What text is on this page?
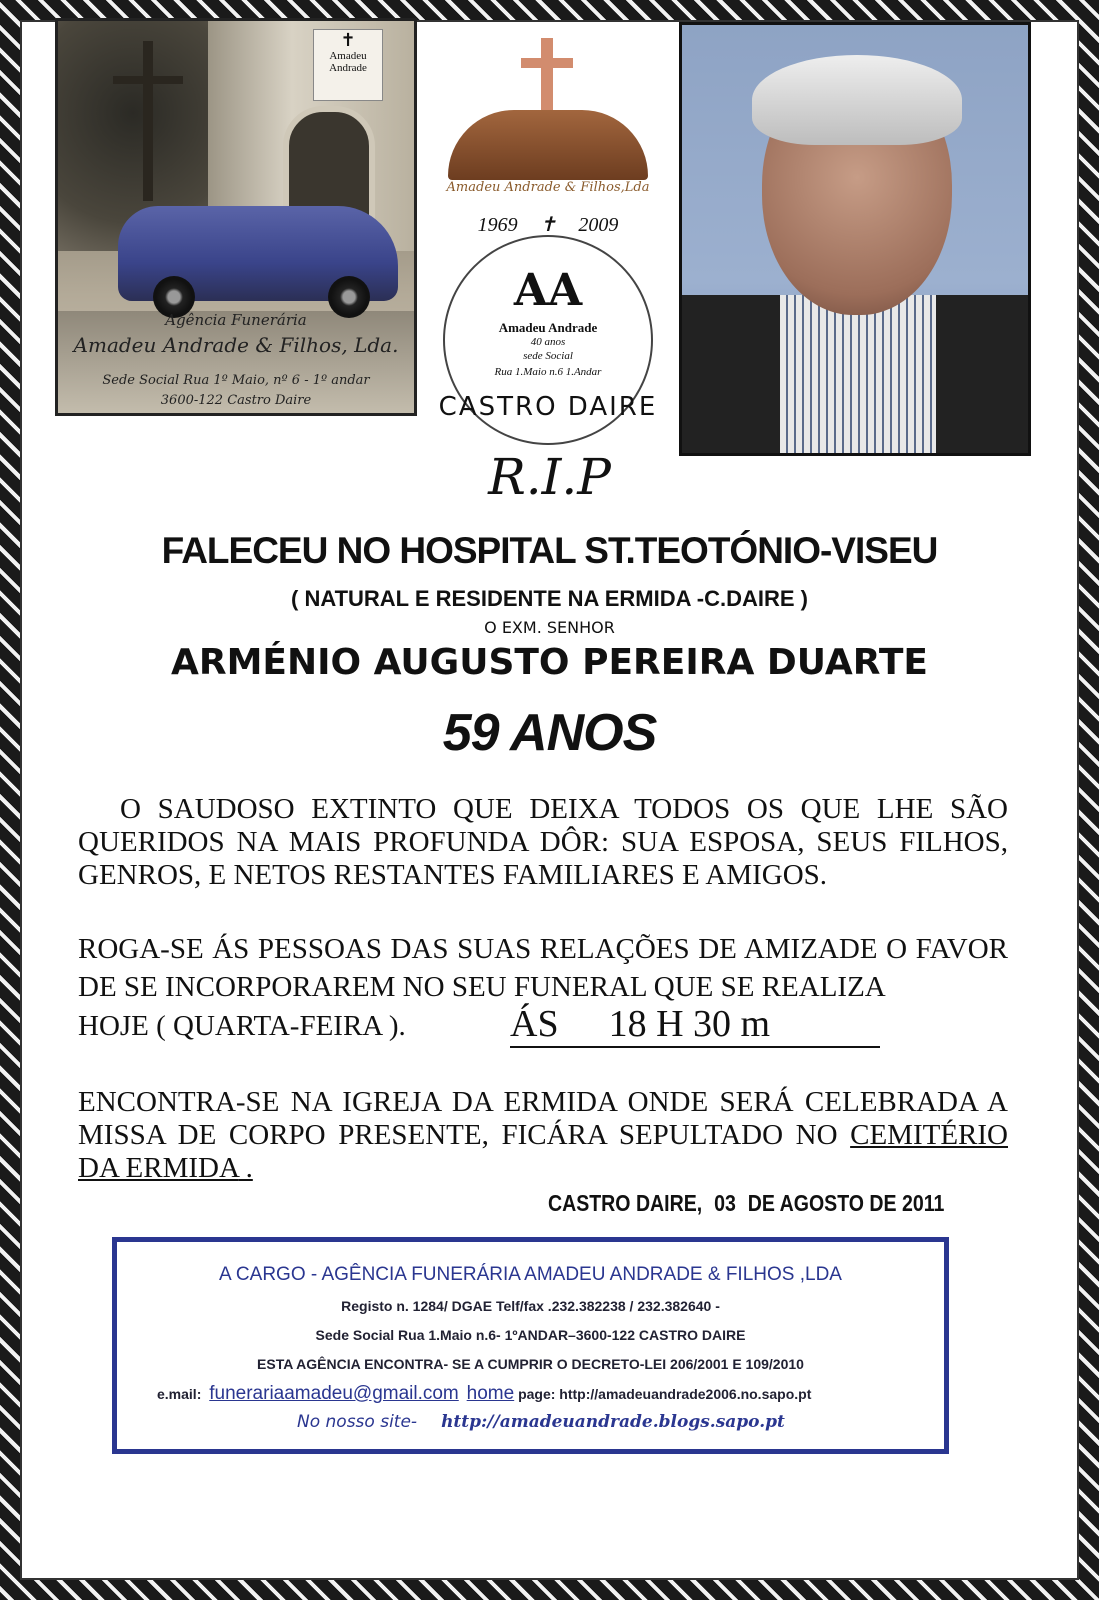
✝
Amadeu Andrade
Agência Funerária
Amadeu Andrade & Filhos, Lda.
Sede Social Rua 1º Maio, nº 6 - 1º andar
3600-122 Castro Daire
Amadeu Andrade & Filhos,Lda
1969 ✝ 2009
AA
Amadeu Andrade
40 anos
sede Social
Rua 1.Maio n.6 1.Andar
CASTRO DAIRE
R.I.P
FALECEU NO HOSPITAL ST.TEOTÓNIO-VISEU
( NATURAL E RESIDENTE NA ERMIDA -C.DAIRE )
O EXM. SENHOR
ARMÉNIO AUGUSTO PEREIRA DUARTE
59 ANOS
O SAUDOSO EXTINTO QUE DEIXA TODOS OS QUE LHE SÃO QUERIDOS NA MAIS PROFUNDA DÔR: SUA ESPOSA, SEUS FILHOS, GENROS, E NETOS RESTANTES FAMILIARES E AMIGOS.
ROGA-SE ÁS PESSOAS DAS SUAS RELAÇÕES DE AMIZADE O FAVOR DE SE INCORPORAREM NO SEU FUNERAL QUE SE REALIZA
HOJE ( QUARTA-FEIRA ).	ÁS 18 H 30 m
ENCONTRA-SE NA IGREJA DA ERMIDA ONDE SERÁ CELEBRADA A MISSA DE CORPO PRESENTE, FICÁRA SEPULTADO NO CEMITÉRIO DA ERMIDA .
CASTRO DAIRE, 03 DE AGOSTO DE 2011
A CARGO - AGÊNCIA FUNERÁRIA AMADEU ANDRADE & FILHOS ,LDA
Registo n. 1284/ DGAE Telf/fax .232.382238 / 232.382640 -
Sede Social Rua 1.Maio n.6- 1ºANDAR–3600-122 CASTRO DAIRE
ESTA AGÊNCIA ENCONTRA- SE A CUMPRIR O DECRETO-LEI 206/2001 E 109/2010
e.mail: funerariaamadeu@gmail.com home page: http://amadeuandrade2006.no.sapo.pt
No nosso site- http://amadeuandrade.blogs.sapo.pt
